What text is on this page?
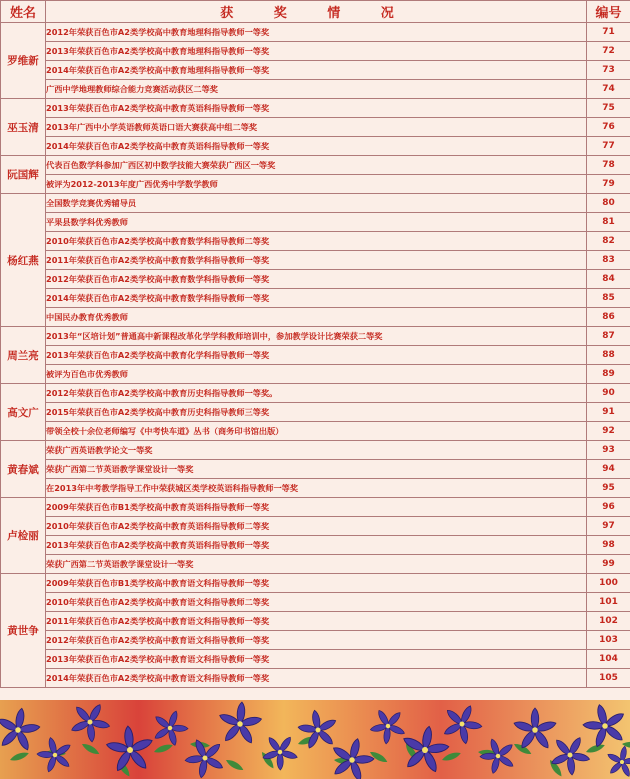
姓名	获 奖 情 况	编号
罗维新	2012年荣获百色市A2类学校高中教育地理科指导教师一等奖	71
	2013年荣获百色市A2类学校高中教育地理科指导教师一等奖	72
	2014年荣获百色市A2类学校高中教育地理科指导教师一等奖	73
	广西中学地理教师综合能力竞赛活动获区二等奖	74
巫玉清	2013年荣获百色市A2类学校高中教育英语科指导教师一等奖	75
	2013年广西中小学英语教师英语口语大赛获高中组二等奖	76
	2014年荣获百色市A2类学校高中教育英语科指导教师一等奖	77
阮国辉	代表百色数学科参加广西区初中数学技能大赛荣获广西区一等奖	78
	被评为2012-2013年度广西优秀中学数学教师	79
杨红燕	全国数学竞赛优秀辅导员	80
	平果县数学科优秀教师	81
	2010年荣获百色市A2类学校高中教育数学科指导教师二等奖	82
	2011年荣获百色市A2类学校高中教育数学科指导教师一等奖	83
	2012年荣获百色市A2类学校高中教育数学科指导教师一等奖	84
	2014年荣获百色市A2类学校高中教育数学科指导教师一等奖	85
	中国民办教育优秀教师	86
周兰亮	2013年“区培计划”普通高中新课程改革化学学科教师培训中，参加教学设计比赛荣获二等奖	87
	2013年荣获百色市A2类学校高中教育化学科指导教师一等奖	88
	被评为百色市优秀教师	89
高文广	2012年荣获百色市A2类学校高中教育历史科指导教师一等奖。	90
	2015年荣获百色市A2类学校高中教育历史科指导教师三等奖	91
	带领全校十余位老师编写《中考快车道》丛书（商务印书馆出版）	92
黄春斌	荣获广西英语教学论文一等奖	93
	荣获广西第二节英语教学课堂设计一等奖	94
	在2013年中考教学指导工作中荣获城区类学校英语科指导教师一等奖	95
卢检丽	2009年荣获百色市B1类学校高中教育英语科指导教师一等奖	96
	2010年荣获百色市A2类学校高中教育英语科指导教师二等奖	97
	2013年荣获百色市A2类学校高中教育英语科指导教师一等奖	98
	荣获广西第二节英语教学课堂设计一等奖	99
黄世争	2009年荣获百色市B1类学校高中教育语文科指导教师一等奖	100
	2010年荣获百色市A2类学校高中教育语文科指导教师二等奖	101
	2011年荣获百色市A2类学校高中教育语文科指导教师一等奖	102
	2012年荣获百色市A2类学校高中教育语文科指导教师一等奖	103
	2013年荣获百色市A2类学校高中教育语文科指导教师一等奖	104
	2014年荣获百色市A2类学校高中教育语文科指导教师一等奖	105
